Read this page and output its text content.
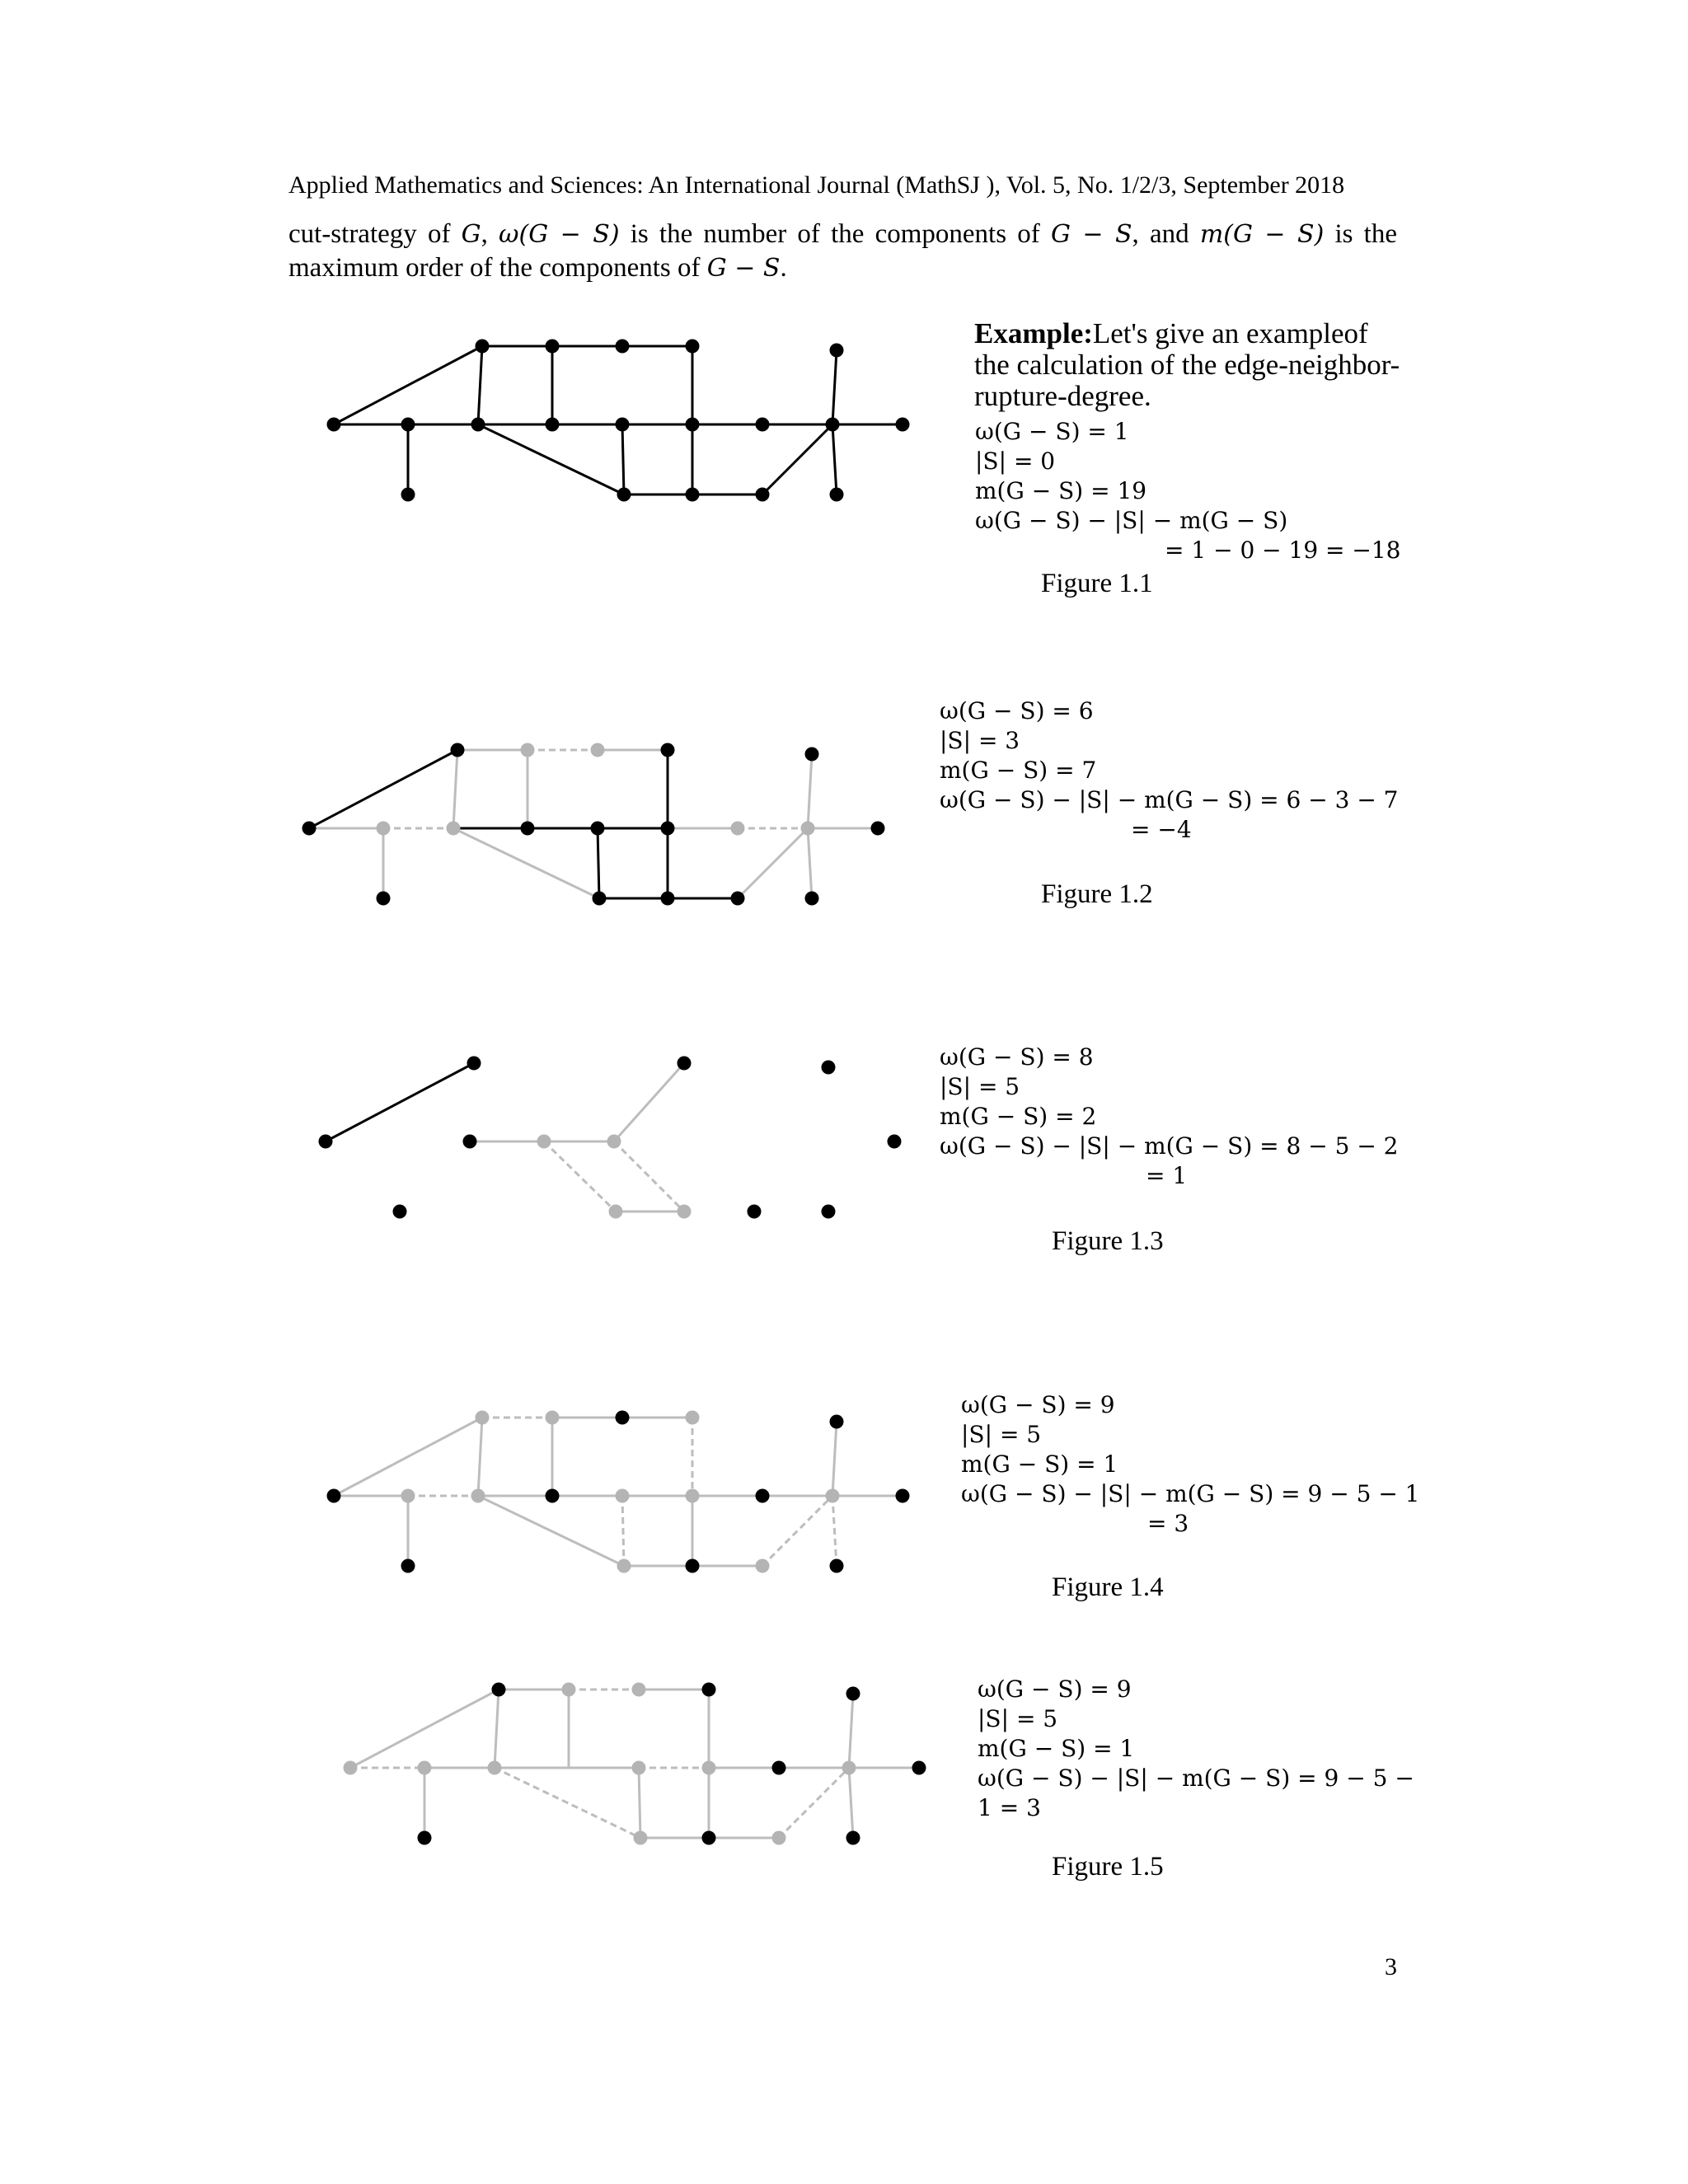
Applied Mathematics and Sciences: An International Journal (MathSJ ), Vol. 5, No. 1/2/3, September 2018
cut-strategy of G, ω(G − S) is the number of the components of G − S, and m(G − S) is the
maximum order of the components of G − S.
Example:Let's give an exampleof the calculation of the edge-neighbor-rupture-degree.
ω(G − S) = 1
|S| = 0
m(G − S) = 19
ω(G − S) − |S| − m(G − S)
= 1 − 0 − 19 = −18
Figure 1.1
ω(G − S) = 6
|S| = 3
m(G − S) = 7
ω(G − S) − |S| − m(G − S) = 6 − 3 − 7
= −4
Figure 1.2
ω(G − S) = 8
|S| = 5
m(G − S) = 2
ω(G − S) − |S| − m(G − S) = 8 − 5 − 2
= 1
Figure 1.3
ω(G − S) = 9
|S| = 5
m(G − S) = 1
ω(G − S) − |S| − m(G − S) = 9 − 5 − 1
= 3
Figure 1.4
ω(G − S) = 9
|S| = 5
m(G − S) = 1
ω(G − S) − |S| − m(G − S) = 9 − 5 −
1 = 3
Figure 1.5
3
